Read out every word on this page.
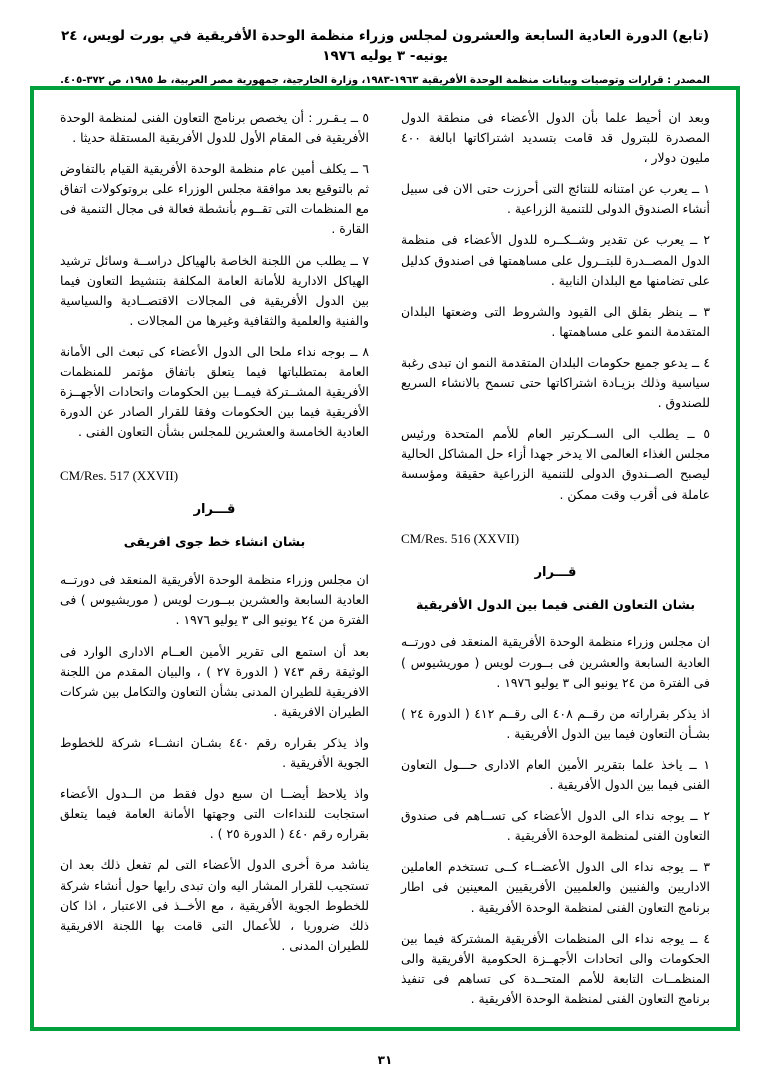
(تابع) الدورة العادية السابعة والعشرون لمجلس وزراء منظمة الوحدة الأفريقية في بورت لويس، ٢٤ يونيه- ٣ يوليه ١٩٧٦
المصدر : قرارات وتوصيات وبيانات منظمة الوحدة الأفريقية ١٩٦٣-١٩٨٣، وزارة الخارجية، جمهورية مصر العربية، ط ١٩٨٥، ص ٣٧٢-٤٠٥.

وبعد ان أحيط علما بأن الدول الأعضاء فى منطقة الدول المصدرة للبترول قد قامت بتسديد اشتراكاتها ابالغة ٤٠٠ مليون دولار ،

١ ــ يعرب عن امتنانه للنتائج التى أحرزت حتى الان فى سبيل أنشاء الصندوق الدولى للتنمية الزراعية .

٢ ــ يعرب عن تقدير وشــكــره للدول الأعضاء فى منظمة الدول المصــدرة للبتــرول على مساهمتها فى اصندوق كدليل على تضامنها مع البلدان النابية .

٣ ــ ينظر بقلق الى القيود والشروط التى وضعتها البلدان المتقدمة النمو على مساهمتها .

٤ ــ يدعو جميع حكومات البلدان المتقدمة النمو ان تبدى رغبة سياسية وذلك بزيـادة اشتراكاتها حتى تسمح بالانشاء السريع للصندوق .

٥ ــ يطلب الى الســكرتير العام للأمم المتحدة ورئيس مجلس الغذاء العالمى الا يدخر جهدا أزاء حل المشاكل الحالية ليصبح الصــندوق الدولى للتنمية الزراعية حقيقة ومؤسسة عاملة فى أقرب وقت ممكن .

CM/Res. 516 (XXVII)
قـــرار
بشان التعاون الفنى فيما بين الدول الأفريقية

ان مجلس وزراء منظمة الوحدة الأفريقية المنعقد فى دورتــه العادية السابعة والعشرين فى بــورت لويس ( موريشيوس ) فى الفترة من ٢٤ يونيو الى ٣ يوليو ١٩٧٦ .

اذ يذكر بقراراته من رقــم ٤٠٨ الى رقــم ٤١٢ ( الدورة ٢٤ ) بشـأن التعاون فيما بين الدول الأفريقية .

١ ــ ياخذ علما بتقرير الأمين العام الادارى حـــول التعاون الفنى فيما بين الدول الأفريقية .

٢ ــ يوجه نداء الى الدول الأعضاء كى تســاهم فى صندوق التعاون الفنى لمنظمة الوحدة الأفريقية .

٣ ــ يوجه نداء الى الدول الأعضــاء كــى تستخدم العاملين الاداريين والفنيين والعلميين الأفريقيين المعينين فى اطار برنامج التعاون الفنى لمنظمة الوحدة الأفريقية .

٤ ــ يوجه نداء الى المنظمات الأفريقية المشتركة فيما بين الحكومات والى اتحادات الأجهــزة الحكومية الأفريقية والى المنظمــات التابعة للأمم المتحــدة كى تساهم فى تنفيذ برنامج التعاون الفنى لمنظمة الوحدة الأفريقية .

٥ ــ يـقـرر : أن يخصص برنامج التعاون الفنى لمنظمة الوحدة الأفريقية فى المقام الأول للدول الأفريقية المستقلة حديثا .

٦ ــ يكلف أمين عام منظمة الوحدة الأفريقية القيام بالتفاوض ثم بالتوقيع بعد موافقة مجلس الوزراء على بروتوكولات اتفاق مع المنظمات التى تقــوم بأنشطة فعالة فى مجال التنمية فى القارة .

٧ ــ يطلب من اللجنة الخاصة بالهياكل دراســة وسائل ترشيد الهياكل الادارية للأمانة العامة المكلفة بتنشيط التعاون فيما بين الدول الأفريقية فى المجالات الاقتصــادية والسياسية والفنية والعلمية والثقافية وغيرها من المجالات .

٨ ــ بوجه نداء ملحا الى الدول الأعضاء كى تبعث الى الأمانة العامة بمتطلباتها فيما يتعلق باتفاق مؤتمر للمنظمات الأفريقية المشــتركة فيمــا بين الحكومات واتحادات الأجهــزة الأفريقية فيما بين الحكومات وفقا للقرار الصادر عن الدورة العادية الخامسة والعشرين للمجلس بشأن التعاون الفنى .

CM/Res. 517 (XXVII)
قـــرار
بشان انشاء خط جوى افريقى

ان مجلس وزراء منظمة الوحدة الأفريقية المنعقد فى دورتــه العادية السابعة والعشرين ببــورت لويس ( موريشيوس ) فى الفترة من ٢٤ يونيو الى ٣ يوليو ١٩٧٦ .

بعد أن استمع الى تقرير الأمين العــام الادارى الوارد فى الوثيقة رقم ٧٤٣ ( الدورة ٢٧ ) ، والبيان المقدم من اللجنة الافريقية للطيران المدنى بشأن التعاون والتكامل بين شركات الطيران الافريقية .

واذ يذكر بقراره رقم ٤٤٠ بشـان انشــاء شركة للخطوط الجوية الأفريقية .

واذ يلاحظ أيضــا ان سبع دول فقط من الــدول الأعضاء استجابت للنداءات التى وجهتها الأمانة العامة فيما يتعلق بقراره رقم ٤٤٠ ( الدورة ٢٥ ) .

يناشد مرة أخرى الدول الأعضاء التى لم تفعل ذلك بعد ان تستجيب للقرار المشار اليه وان تبدى رايها حول أنشاء شركة للخطوط الجوية الأفريقية ، مع الأخــذ فى الاعتبار ، اذا كان ذلك ضروريا ، للأعمال التى قامت بها اللجنة الافريقية للطيران المدنى .

٣١
